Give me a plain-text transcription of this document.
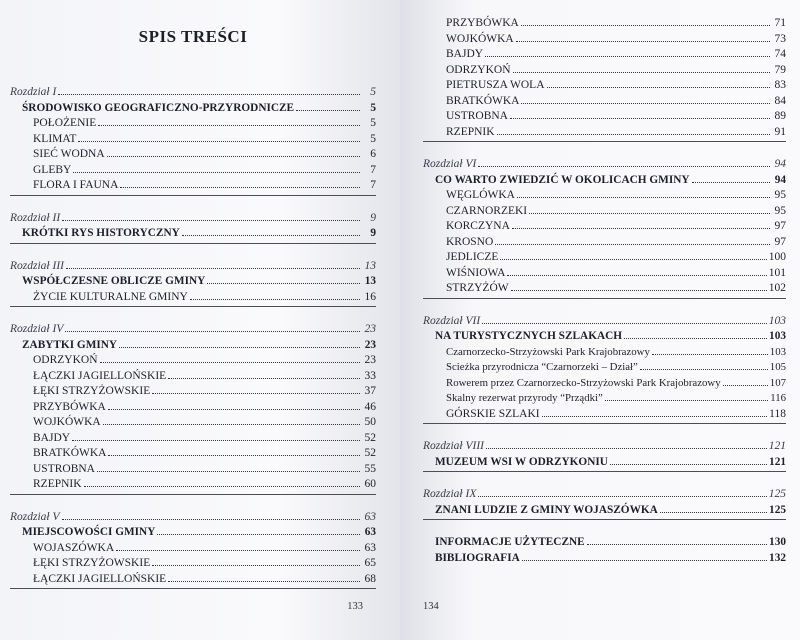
SPIS TREŚCI
Rozdział I	5
ŚRODOWISKO GEOGRAFICZNO-PRZYRODNICZE	5
POŁOŻENIE	5
KLIMAT	5
SIEĆ WODNA	6
GLEBY	7
FLORA I FAUNA	7
Rozdział II	9
KRÓTKI RYS HISTORYCZNY	9
Rozdział III	13
WSPÓŁCZESNE OBLICZE GMINY	13
ŻYCIE KULTURALNE GMINY	16
Rozdział IV	23
ZABYTKI GMINY	23
ODRZYKOŃ	23
ŁĄCZKI JAGIELLOŃSKIE	33
ŁĘKI STRZYŻOWSKIE	37
PRZYBÓWKA	46
WOJKÓWKA	50
BAJDY	52
BRATKÓWKA	52
USTROBNA	55
RZEPNIK	60
Rozdział V	63
MIEJSCOWOŚCI GMINY	63
WOJASZÓWKA	63
ŁĘKI STRZYŻOWSKIE	65
ŁĄCZKI JAGIELLOŃSKIE	68
133
PRZYBÓWKA	71
WOJKÓWKA	73
BAJDY	74
ODRZYKOŃ	79
PIETRUSZA WOLA	83
BRATKÓWKA	84
USTROBNA	89
RZEPNIK	91
Rozdział VI	94
CO WARTO ZWIEDZIĆ W OKOLICACH GMINY	94
WĘGLÓWKA	95
CZARNORZEKI	95
KORCZYNA	97
KROSNO	97
JEDLICZE	100
WIŚNIOWA	101
STRZYŻÓW	102
Rozdział VII	103
NA TURYSTYCZNYCH SZLAKACH	103
Czarnorzecko-Strzyżowski Park Krajobrazowy	103
Scieżka przyrodnicza “Czarnorzeki – Dział”	105
Rowerem przez Czarnorzecko-Strzyżowski Park Krajobrazowy	107
Skalny rezerwat przyrody “Prządki”	116
GÓRSKIE SZLAKI	118
Rozdział VIII	121
MUZEUM WSI W ODRZYKONIU	121
Rozdział IX	125
ZNANI LUDZIE Z GMINY WOJASZÓWKA	125
INFORMACJE UŻYTECZNE	130
BIBLIOGRAFIA	132
134
